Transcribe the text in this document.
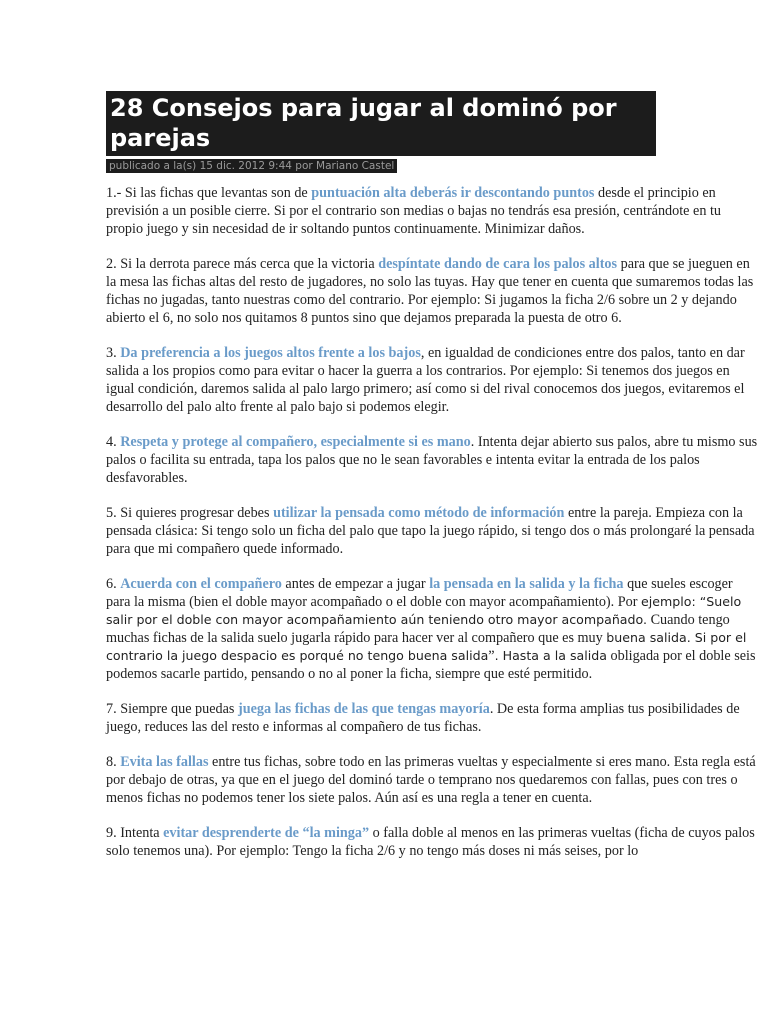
28 Consejos para jugar al dominó por parejas
publicado a la(s) 15 dic. 2012 9:44 por Mariano Castel

1.- Si las fichas que levantas son de puntuación alta deberás ir descontando puntos desde el principio en previsión a un posible cierre. Si por el contrario son medias o bajas no tendrás esa presión, centrándote en tu propio juego y sin necesidad de ir soltando puntos continuamente. Minimizar daños.

2. Si la derrota parece más cerca que la victoria despíntate dando de cara los palos altos para que se jueguen en la mesa las fichas altas del resto de jugadores, no solo las tuyas. Hay que tener en cuenta que sumaremos todas las fichas no jugadas, tanto nuestras como del contrario. Por ejemplo: Si jugamos la ficha 2/6 sobre un 2 y dejando abierto el 6, no solo nos quitamos 8 puntos sino que dejamos preparada la puesta de otro 6.

3. Da preferencia a los juegos altos frente a los bajos, en igualdad de condiciones entre dos palos, tanto en dar salida a los propios como para evitar o hacer la guerra a los contrarios. Por ejemplo: Si tenemos dos juegos en igual condición, daremos salida al palo largo primero; así como si del rival conocemos dos juegos, evitaremos el desarrollo del palo alto frente al palo bajo si podemos elegir.

4. Respeta y protege al compañero, especialmente si es mano. Intenta dejar abierto sus palos, abre tu mismo sus palos o facilita su entrada, tapa los palos que no le sean favorables e intenta evitar la entrada de los palos desfavorables.

5. Si quieres progresar debes utilizar la pensada como método de información entre la pareja. Empieza con la pensada clásica: Si tengo solo un ficha del palo que tapo la juego rápido, si tengo dos o más prolongaré la pensada para que mi compañero quede informado.

6. Acuerda con el compañero antes de empezar a jugar la pensada en la salida y la ficha que sueles escoger para la misma (bien el doble mayor acompañado o el doble con mayor acompañamiento). Por ejemplo: “Suelo salir por el doble con mayor acompañamiento aún teniendo otro mayor acompañado. Cuando tengo muchas fichas de la salida suelo jugarla rápido para hacer ver al compañero que es muy buena salida. Si por el contrario la juego despacio es porqué no tengo buena salida”. Hasta a la salida obligada por el doble seis podemos sacarle partido, pensando o no al poner la ficha, siempre que esté permitido.

7. Siempre que puedas juega las fichas de las que tengas mayoría. De esta forma amplias tus posibilidades de juego, reduces las del resto e informas al compañero de tus fichas.

8. Evita las fallas entre tus fichas, sobre todo en las primeras vueltas y especialmente si eres mano. Esta regla está por debajo de otras, ya que en el juego del dominó tarde o temprano nos quedaremos con fallas, pues con tres o menos fichas no podemos tener los siete palos. Aún así es una regla a tener en cuenta.

9. Intenta evitar desprenderte de “la minga” o falla doble al menos en las primeras vueltas (ficha de cuyos palos solo tenemos una). Por ejemplo: Tengo la ficha 2/6 y no tengo más doses ni más seises, por lo
